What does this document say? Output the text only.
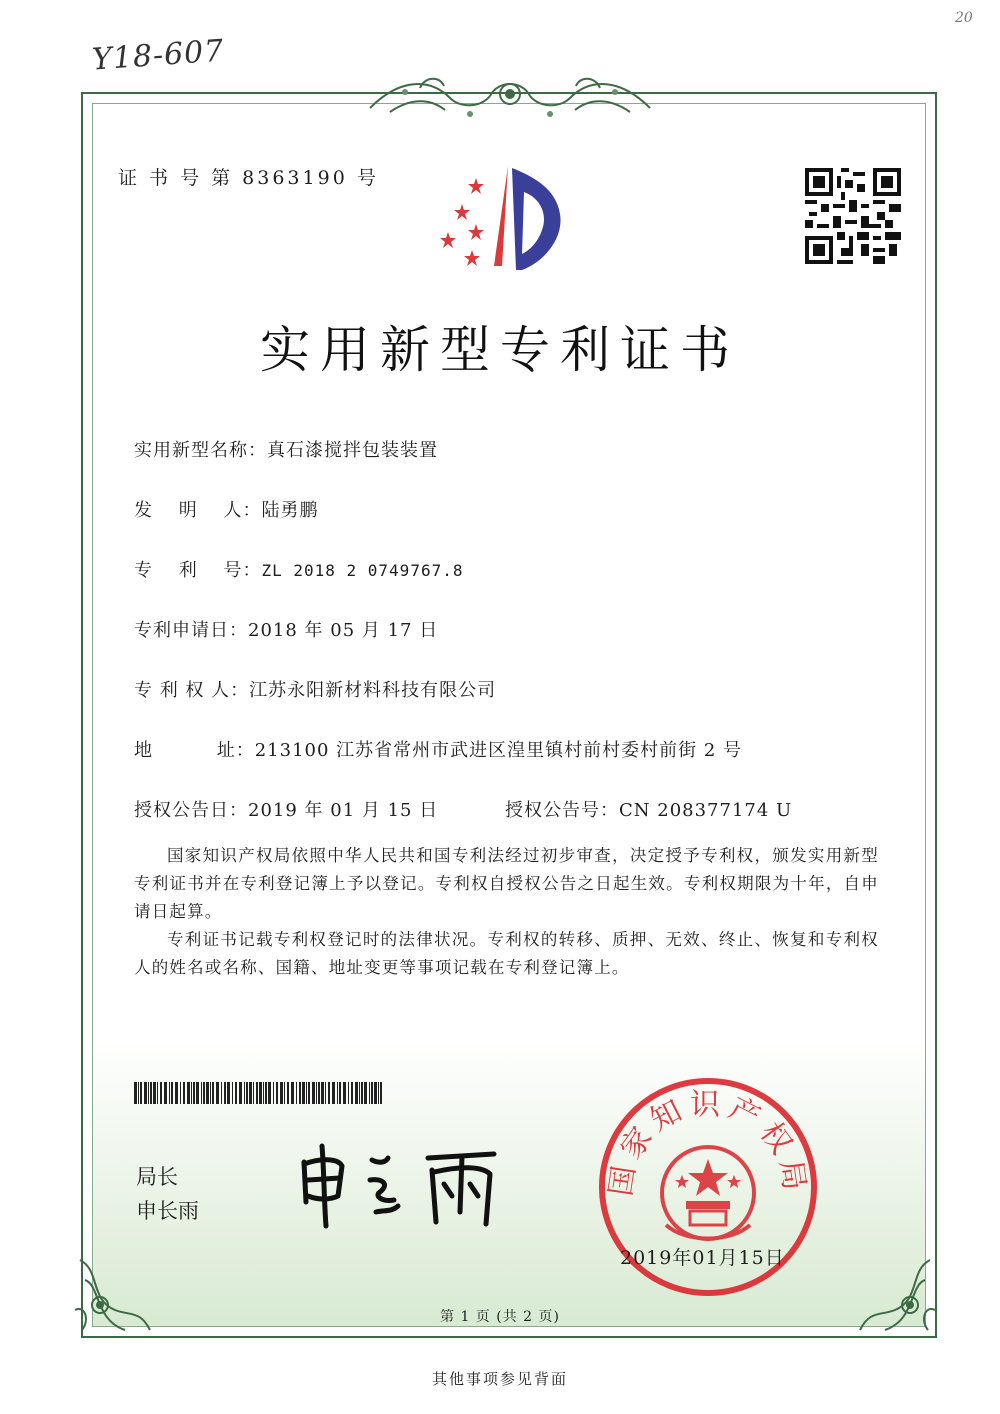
Y18-607
20
证 书 号 第 8363190 号
实用新型专利证书
实用新型名称：真石漆搅拌包装装置
发　 明　 人：陆勇鹏
专　 利　 号：ZL 2018 2 0749767.8
专利申请日：2018 年 05 月 17 日
专 利 权 人：江苏永阳新材料科技有限公司
地　　　 址：213100 江苏省常州市武进区湟里镇村前村委村前街 2 号
授权公告日：2019 年 01 月 15 日	授权公告号：CN 208377174 U

国家知识产权局依照中华人民共和国专利法经过初步审查，决定授予专利权，颁发实用新型专利证书并在专利登记簿上予以登记。专利权自授权公告之日起生效。专利权期限为十年，自申请日起算。

专利证书记载专利权登记时的法律状况。专利权的转移、质押、无效、终止、恢复和专利权人的姓名或名称、国籍、地址变更等事项记载在专利登记簿上。

局长
申长雨
国家知识产权局
2019年01月15日
第 1 页 (共 2 页)
其他事项参见背面
